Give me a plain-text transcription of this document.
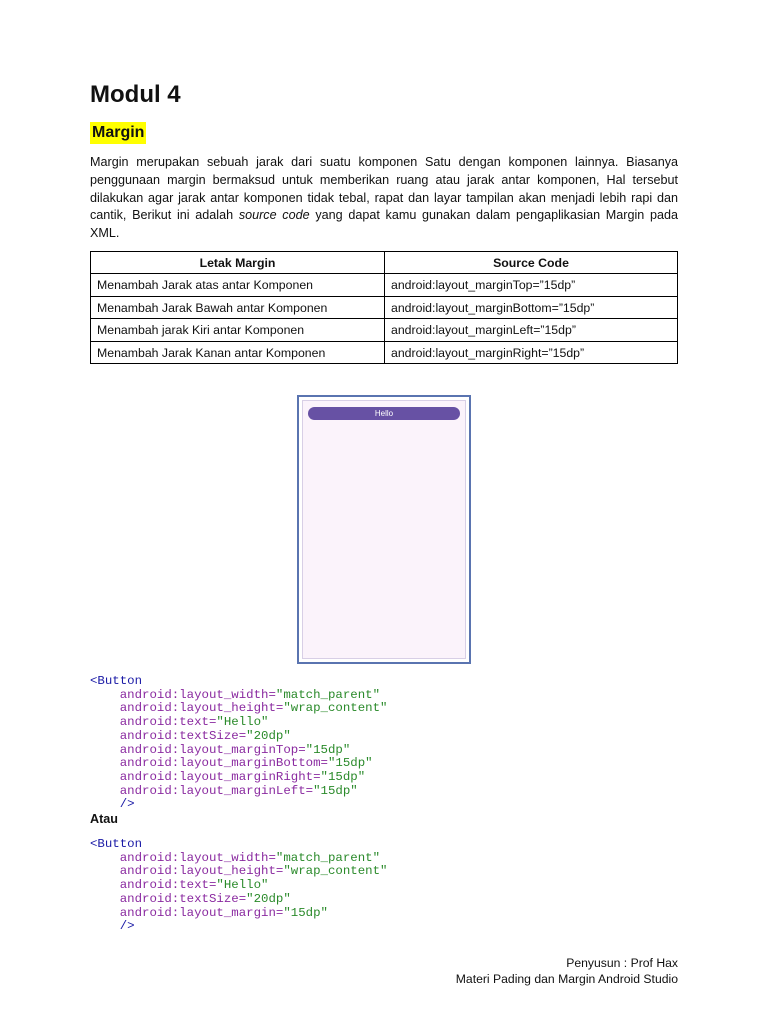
Modul 4
Margin

Margin merupakan sebuah jarak dari suatu komponen Satu dengan komponen lainnya. Biasanya penggunaan margin bermaksud untuk memberikan ruang atau jarak antar komponen, Hal tersebut dilakukan agar jarak antar komponen tidak tebal, rapat dan layar tampilan akan menjadi lebih rapi dan cantik, Berikut ini adalah source code yang dapat kamu gunakan dalam pengaplikasian Margin pada XML.

Letak Margin	Source Code
Menambah Jarak atas antar Komponen	android:layout_marginTop=”15dp”
Menambah Jarak Bawah antar Komponen	android:layout_marginBottom=”15dp”
Menambah jarak Kiri antar Komponen	android:layout_marginLeft=”15dp”
Menambah Jarak Kanan antar Komponen	android:layout_marginRight=”15dp”
Hello
<Button
android:layout_width="match_parent"
android:layout_height="wrap_content"
android:text="Hello"
android:textSize="20dp"
android:layout_marginTop="15dp"
android:layout_marginBottom="15dp"
android:layout_marginRight="15dp"
android:layout_marginLeft="15dp"
/>
Atau
<Button
android:layout_width="match_parent"
android:layout_height="wrap_content"
android:text="Hello"
android:textSize="20dp"
android:layout_margin="15dp"
/>
Penyusun : Prof Hax
Materi Pading dan Margin Android Studio
